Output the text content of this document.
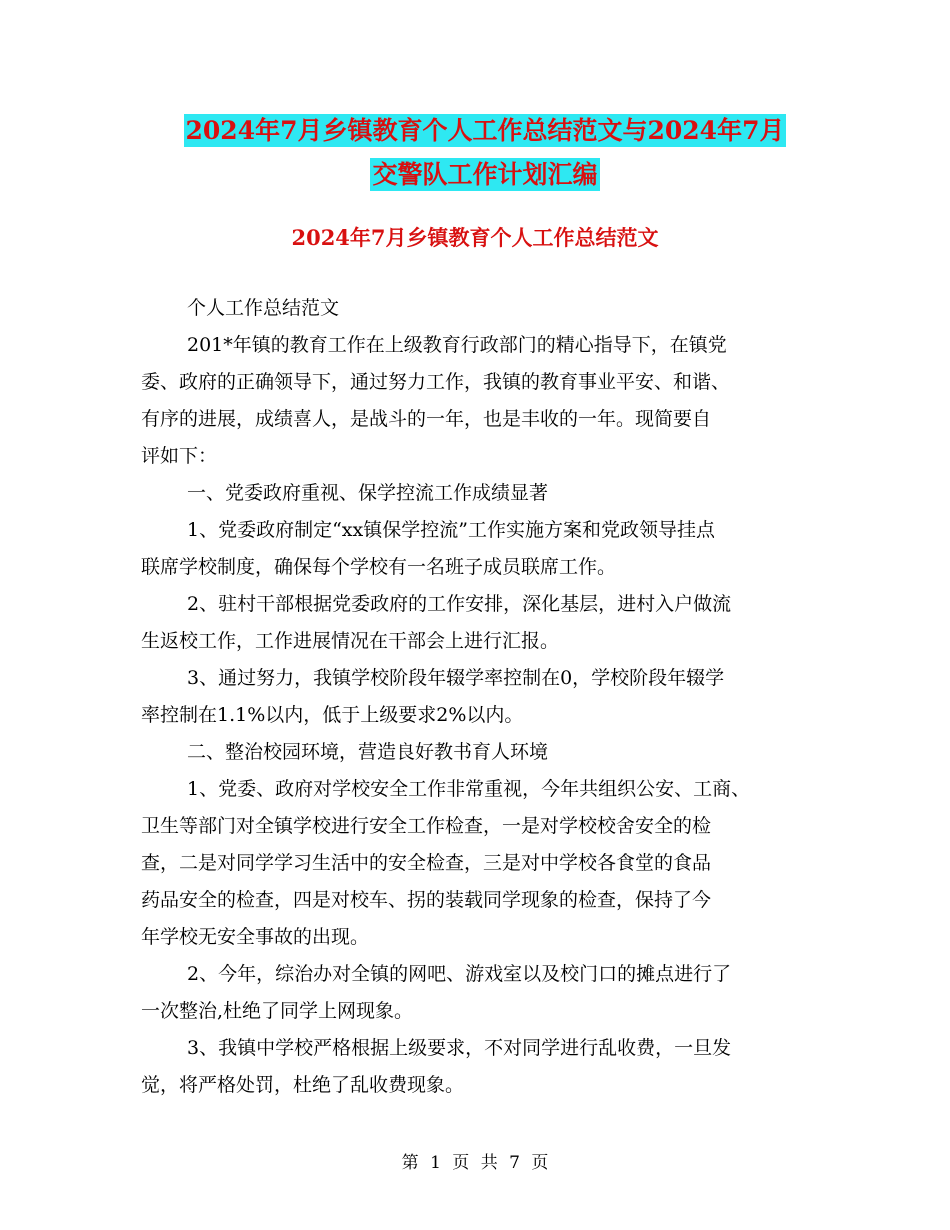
2024年7月乡镇教育个人工作总结范文与2024年7月
交警队工作计划汇编
2024年7月乡镇教育个人工作总结范文
个人工作总结范文
201*年镇的教育工作在上级教育行政部门的精心指导下，在镇党
委、政府的正确领导下，通过努力工作，我镇的教育事业平安、和谐、
有序的进展，成绩喜人，是战斗的一年，也是丰收的一年。现简要自
评如下：
一、党委政府重视、保学控流工作成绩显著
1、党委政府制定“xx镇保学控流”工作实施方案和党政领导挂点
联席学校制度，确保每个学校有一名班子成员联席工作。
2、驻村干部根据党委政府的工作安排，深化基层，进村入户做流
生返校工作，工作进展情况在干部会上进行汇报。
3、通过努力，我镇学校阶段年辍学率控制在0，学校阶段年辍学
率控制在1.1%以内，低于上级要求2%以内。
二、整治校园环境，营造良好教书育人环境
1、党委、政府对学校安全工作非常重视，今年共组织公安、工商、
卫生等部门对全镇学校进行安全工作检查，一是对学校校舍安全的检
查，二是对同学学习生活中的安全检查，三是对中学校各食堂的食品
药品安全的检查，四是对校车、拐的装载同学现象的检查，保持了今
年学校无安全事故的出现。
2、今年，综治办对全镇的网吧、游戏室以及校门口的摊点进行了
一次整治,杜绝了同学上网现象。
3、我镇中学校严格根据上级要求，不对同学进行乱收费，一旦发
觉，将严格处罚，杜绝了乱收费现象。
第 1 页 共 7 页
